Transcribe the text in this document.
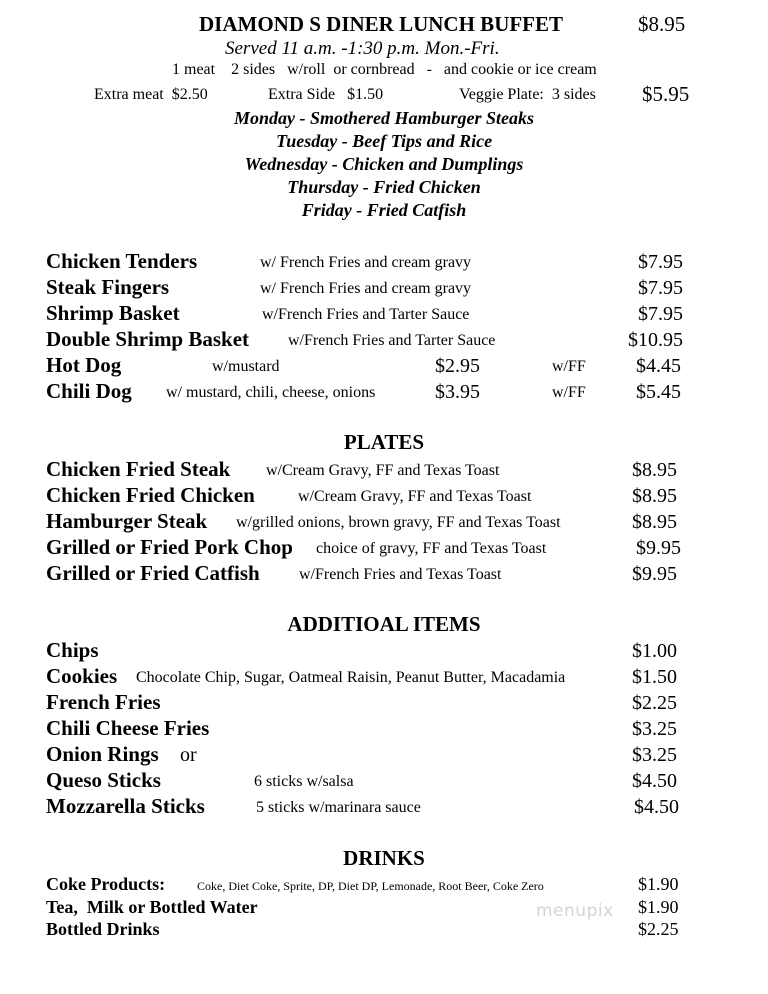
DIAMOND S DINER LUNCH BUFFET	$8.95
Served 11 a.m. -1:30 p.m. Mon.-Fri.
1 meat    2 sides   w/roll  or cornbread   -   and cookie or ice cream
Extra meat  $2.50	Extra Side   $1.50	Veggie Plate:  3 sides $5.95
Monday - Smothered Hamburger Steaks
Tuesday - Beef Tips and Rice
Wednesday - Chicken and Dumplings
Thursday - Fried Chicken
Friday - Fried Catfish
Chicken Tenders	w/ French Fries and cream gravy	$7.95
Steak Fingers	w/ French Fries and cream gravy	$7.95
Shrimp Basket	w/French Fries and Tarter Sauce	$7.95
Double Shrimp Basket w/French Fries and Tarter Sauce	$10.95
Hot Dog	w/mustard	$2.95	w/FF	$4.45
Chili Dog w/ mustard, chili, cheese, onions	$3.95	w/FF	$5.45
PLATES
Chicken Fried Steak w/Cream Gravy, FF and Texas Toast	$8.95
Chicken Fried Chicken	w/Cream Gravy, FF and Texas Toast	$8.95
Hamburger Steak w/grilled onions, brown gravy, FF and Texas Toast	$8.95
Grilled or Fried Pork Chop choice of gravy, FF and Texas Toast	$9.95
Grilled or Fried Catfish w/French Fries and Texas Toast	$9.95
ADDITIOAL ITEMS
Chips	$1.00
Cookies Chocolate Chip, Sugar, Oatmeal Raisin, Peanut Butter, Macadamia	$1.50
French Fries	$2.25
Chili Cheese Fries	$3.25
Onion Rings or	$3.25
Queso Sticks	6 sticks w/salsa	$4.50
Mozzarella Sticks	5 sticks w/marinara sauce	$4.50
DRINKS
Coke Products:	Coke, Diet Coke, Sprite, DP, Diet DP, Lemonade, Root Beer, Coke Zero	$1.90
Tea,  Milk or Bottled Water	$1.90
Bottled Drinks	$2.25
menupix
